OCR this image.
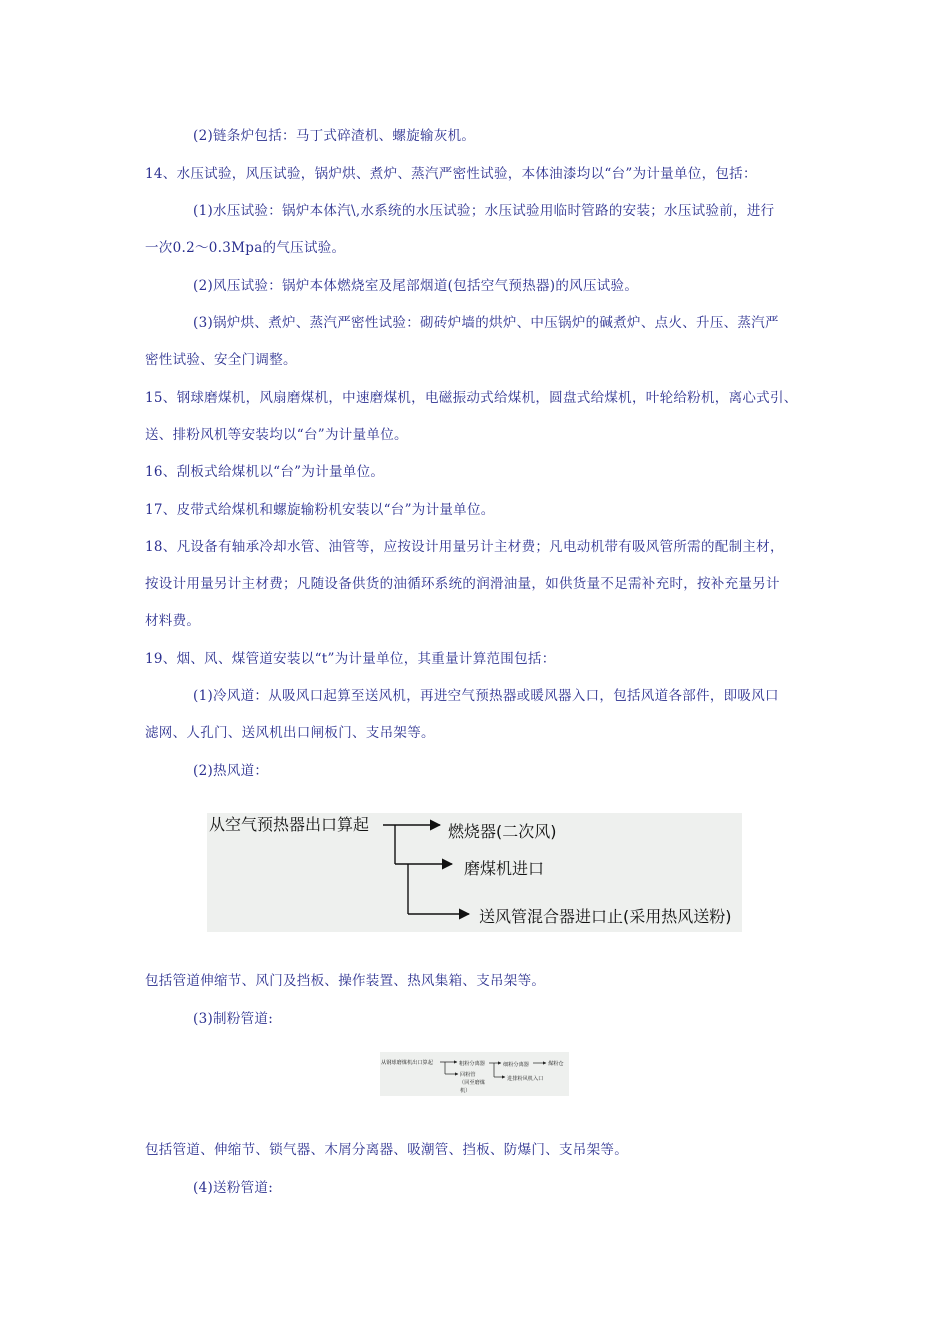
(2)链条炉包括：马丁式碎渣机、螺旋输灰机。
14、水压试验，风压试验，锅炉烘、煮炉、蒸汽严密性试验，本体油漆均以“台”为计量单位，包括：
(1)水压试验：锅炉本体汽\,水系统的水压试验；水压试验用临时管路的安装；水压试验前，进行
一次0.2～0.3Mpa的气压试验。
(2)风压试验：锅炉本体燃烧室及尾部烟道(包括空气预热器)的风压试验。
(3)锅炉烘、煮炉、蒸汽严密性试验：砌砖炉墙的烘炉、中压锅炉的碱煮炉、点火、升压、蒸汽严
密性试验、安全门调整。
15、钢球磨煤机，风扇磨煤机，中速磨煤机，电磁振动式给煤机，圆盘式给煤机，叶轮给粉机，离心式引、
送、排粉风机等安装均以“台”为计量单位。
16、刮板式给煤机以“台”为计量单位。
17、皮带式给煤机和螺旋输粉机安装以“台”为计量单位。
18、凡设备有轴承冷却水管、油管等，应按设计用量另计主材费；凡电动机带有吸风管所需的配制主材，
按设计用量另计主材费；凡随设备供货的油循环系统的润滑油量，如供货量不足需补充时，按补充量另计
材料费。
19、烟、风、煤管道安装以“t”为计量单位，其重量计算范围包括：
(1)冷风道：从吸风口起算至送风机，再进空气预热器或暖风器入口，包括风道各部件，即吸风口
滤网、人孔门、送风机出口闸板门、支吊架等。
(2)热风道：
从空气预热器出口算起	燃烧器(二次风)
磨煤机进口
送风管混合器进口止(采用热风送粉)
包括管道伸缩节、风门及挡板、操作装置、热风集箱、支吊架等。
(3)制粉管道:
从钢球磨煤机出口算起	粗粉分离器	细粉分离器	煤粉仓
回粉管
（回至磨煤
机）
进排粉风机入口
包括管道、伸缩节、锁气器、木屑分离器、吸潮管、挡板、防爆门、支吊架等。
(4)送粉管道:
